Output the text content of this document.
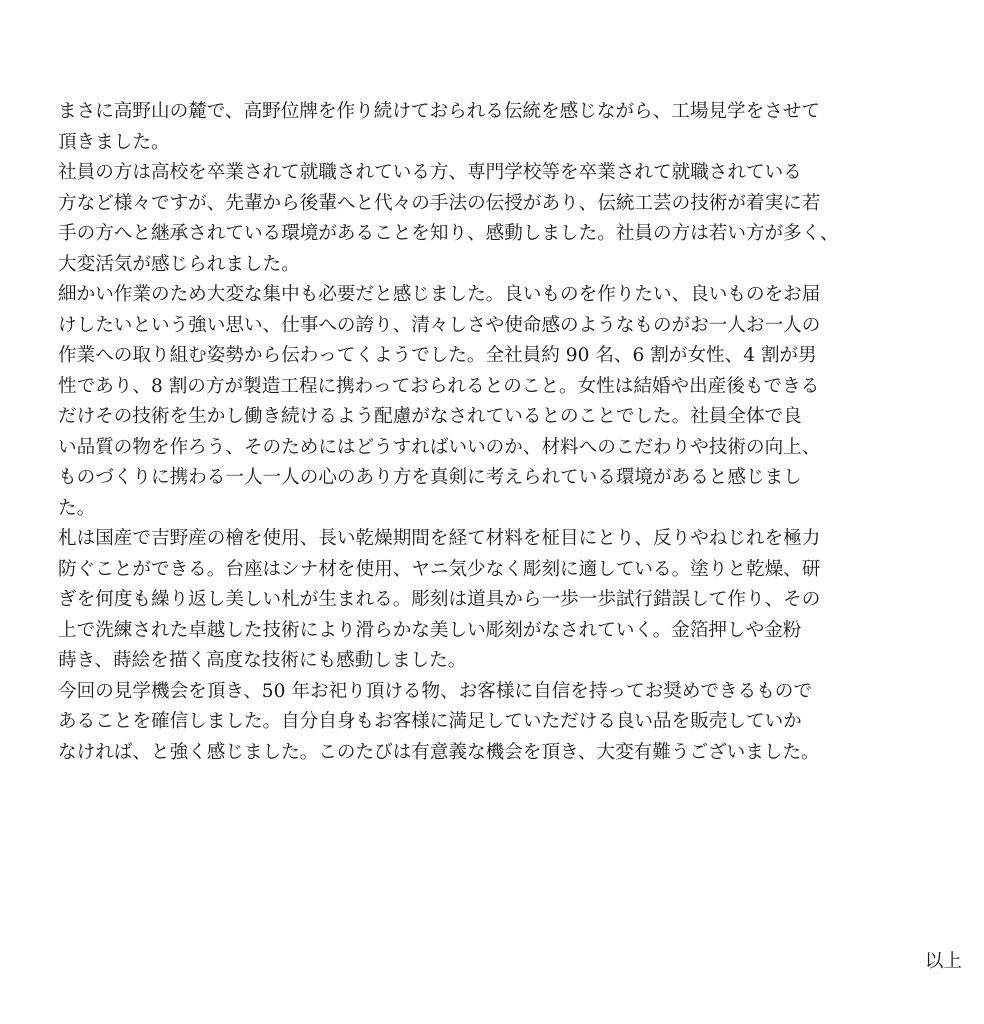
まさに高野山の麓で、高野位牌を作り続けておられる伝統を感じながら、工場見学をさせて
頂きました。
社員の方は高校を卒業されて就職されている方、専門学校等を卒業されて就職されている
方など様々ですが、先輩から後輩へと代々の手法の伝授があり、伝統工芸の技術が着実に若
手の方へと継承されている環境があることを知り、感動しました。社員の方は若い方が多く、
大変活気が感じられました。
細かい作業のため大変な集中も必要だと感じました。良いものを作りたい、良いものをお届
けしたいという強い思い、仕事への誇り、清々しさや使命感のようなものがお一人お一人の
作業への取り組む姿勢から伝わってくようでした。全社員約 90 名、6 割が女性、4 割が男
性であり、8 割の方が製造工程に携わっておられるとのこと。女性は結婚や出産後もできる
だけその技術を生かし働き続けるよう配慮がなされているとのことでした。社員全体で良
い品質の物を作ろう、そのためにはどうすればいいのか、材料へのこだわりや技術の向上、
ものづくりに携わる一人一人の心のあり方を真剣に考えられている環境があると感じまし
た。
札は国産で吉野産の檜を使用、長い乾燥期間を経て材料を柾目にとり、反りやねじれを極力
防ぐことができる。台座はシナ材を使用、ヤニ気少なく彫刻に適している。塗りと乾燥、研
ぎを何度も繰り返し美しい札が生まれる。彫刻は道具から一歩一歩試行錯誤して作り、その
上で洗練された卓越した技術により滑らかな美しい彫刻がなされていく。金箔押しや金粉
蒔き、蒔絵を描く高度な技術にも感動しました。
今回の見学機会を頂き、50 年お祀り頂ける物、お客様に自信を持ってお奨めできるもので
あることを確信しました。自分自身もお客様に満足していただける良い品を販売していか
なければ、と強く感じました。このたびは有意義な機会を頂き、大変有難うございました。
以上
